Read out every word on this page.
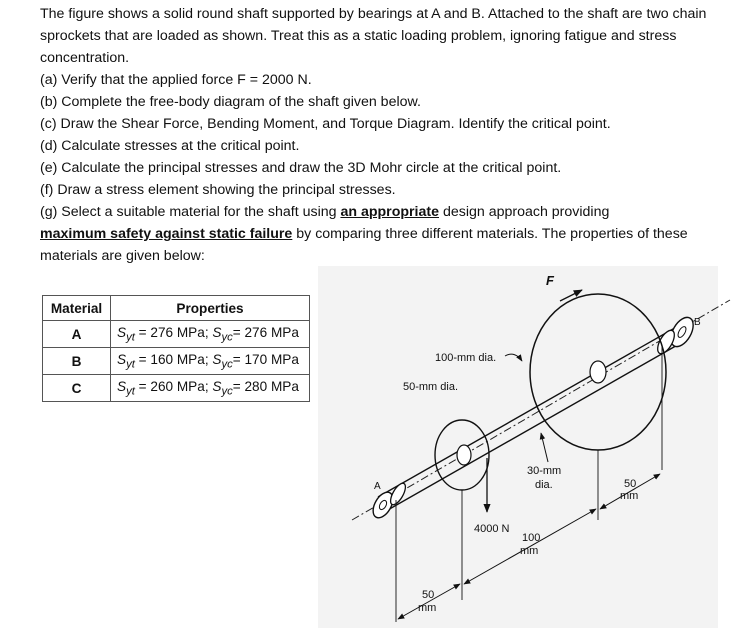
The figure shows a solid round shaft supported by bearings at A and B. Attached to the shaft are two chain sprockets that are loaded as shown. Treat this as a static loading problem, ignoring fatigue and stress concentration.

(a) Verify that the applied force F = 2000 N.

(b) Complete the free-body diagram of the shaft given below.

(c) Draw the Shear Force, Bending Moment, and Torque Diagram. Identify the critical point.

(d) Calculate stresses at the critical point.

(e) Calculate the principal stresses and draw the 3D Mohr circle at the critical point.

(f) Draw a stress element showing the principal stresses.

(g) Select a suitable material for the shaft using an appropriate design approach providing
maximum safety against static failure by comparing three different materials. The properties of these materials are given below:

Material	Properties
A	$S_{yt} = 276$ MPa; $S_{yc}= 276$ MPa
B	$S_{yt} = 160$ MPa; $S_{yc}= 170$ MPa
C	$S_{yt} = 260$ MPa; $S_{yc}= 280$ MPa
F
4000 N
A
B
100-mm dia.
50-mm dia.
30-mm
dia.
50
mm
100
mm
50
mm
